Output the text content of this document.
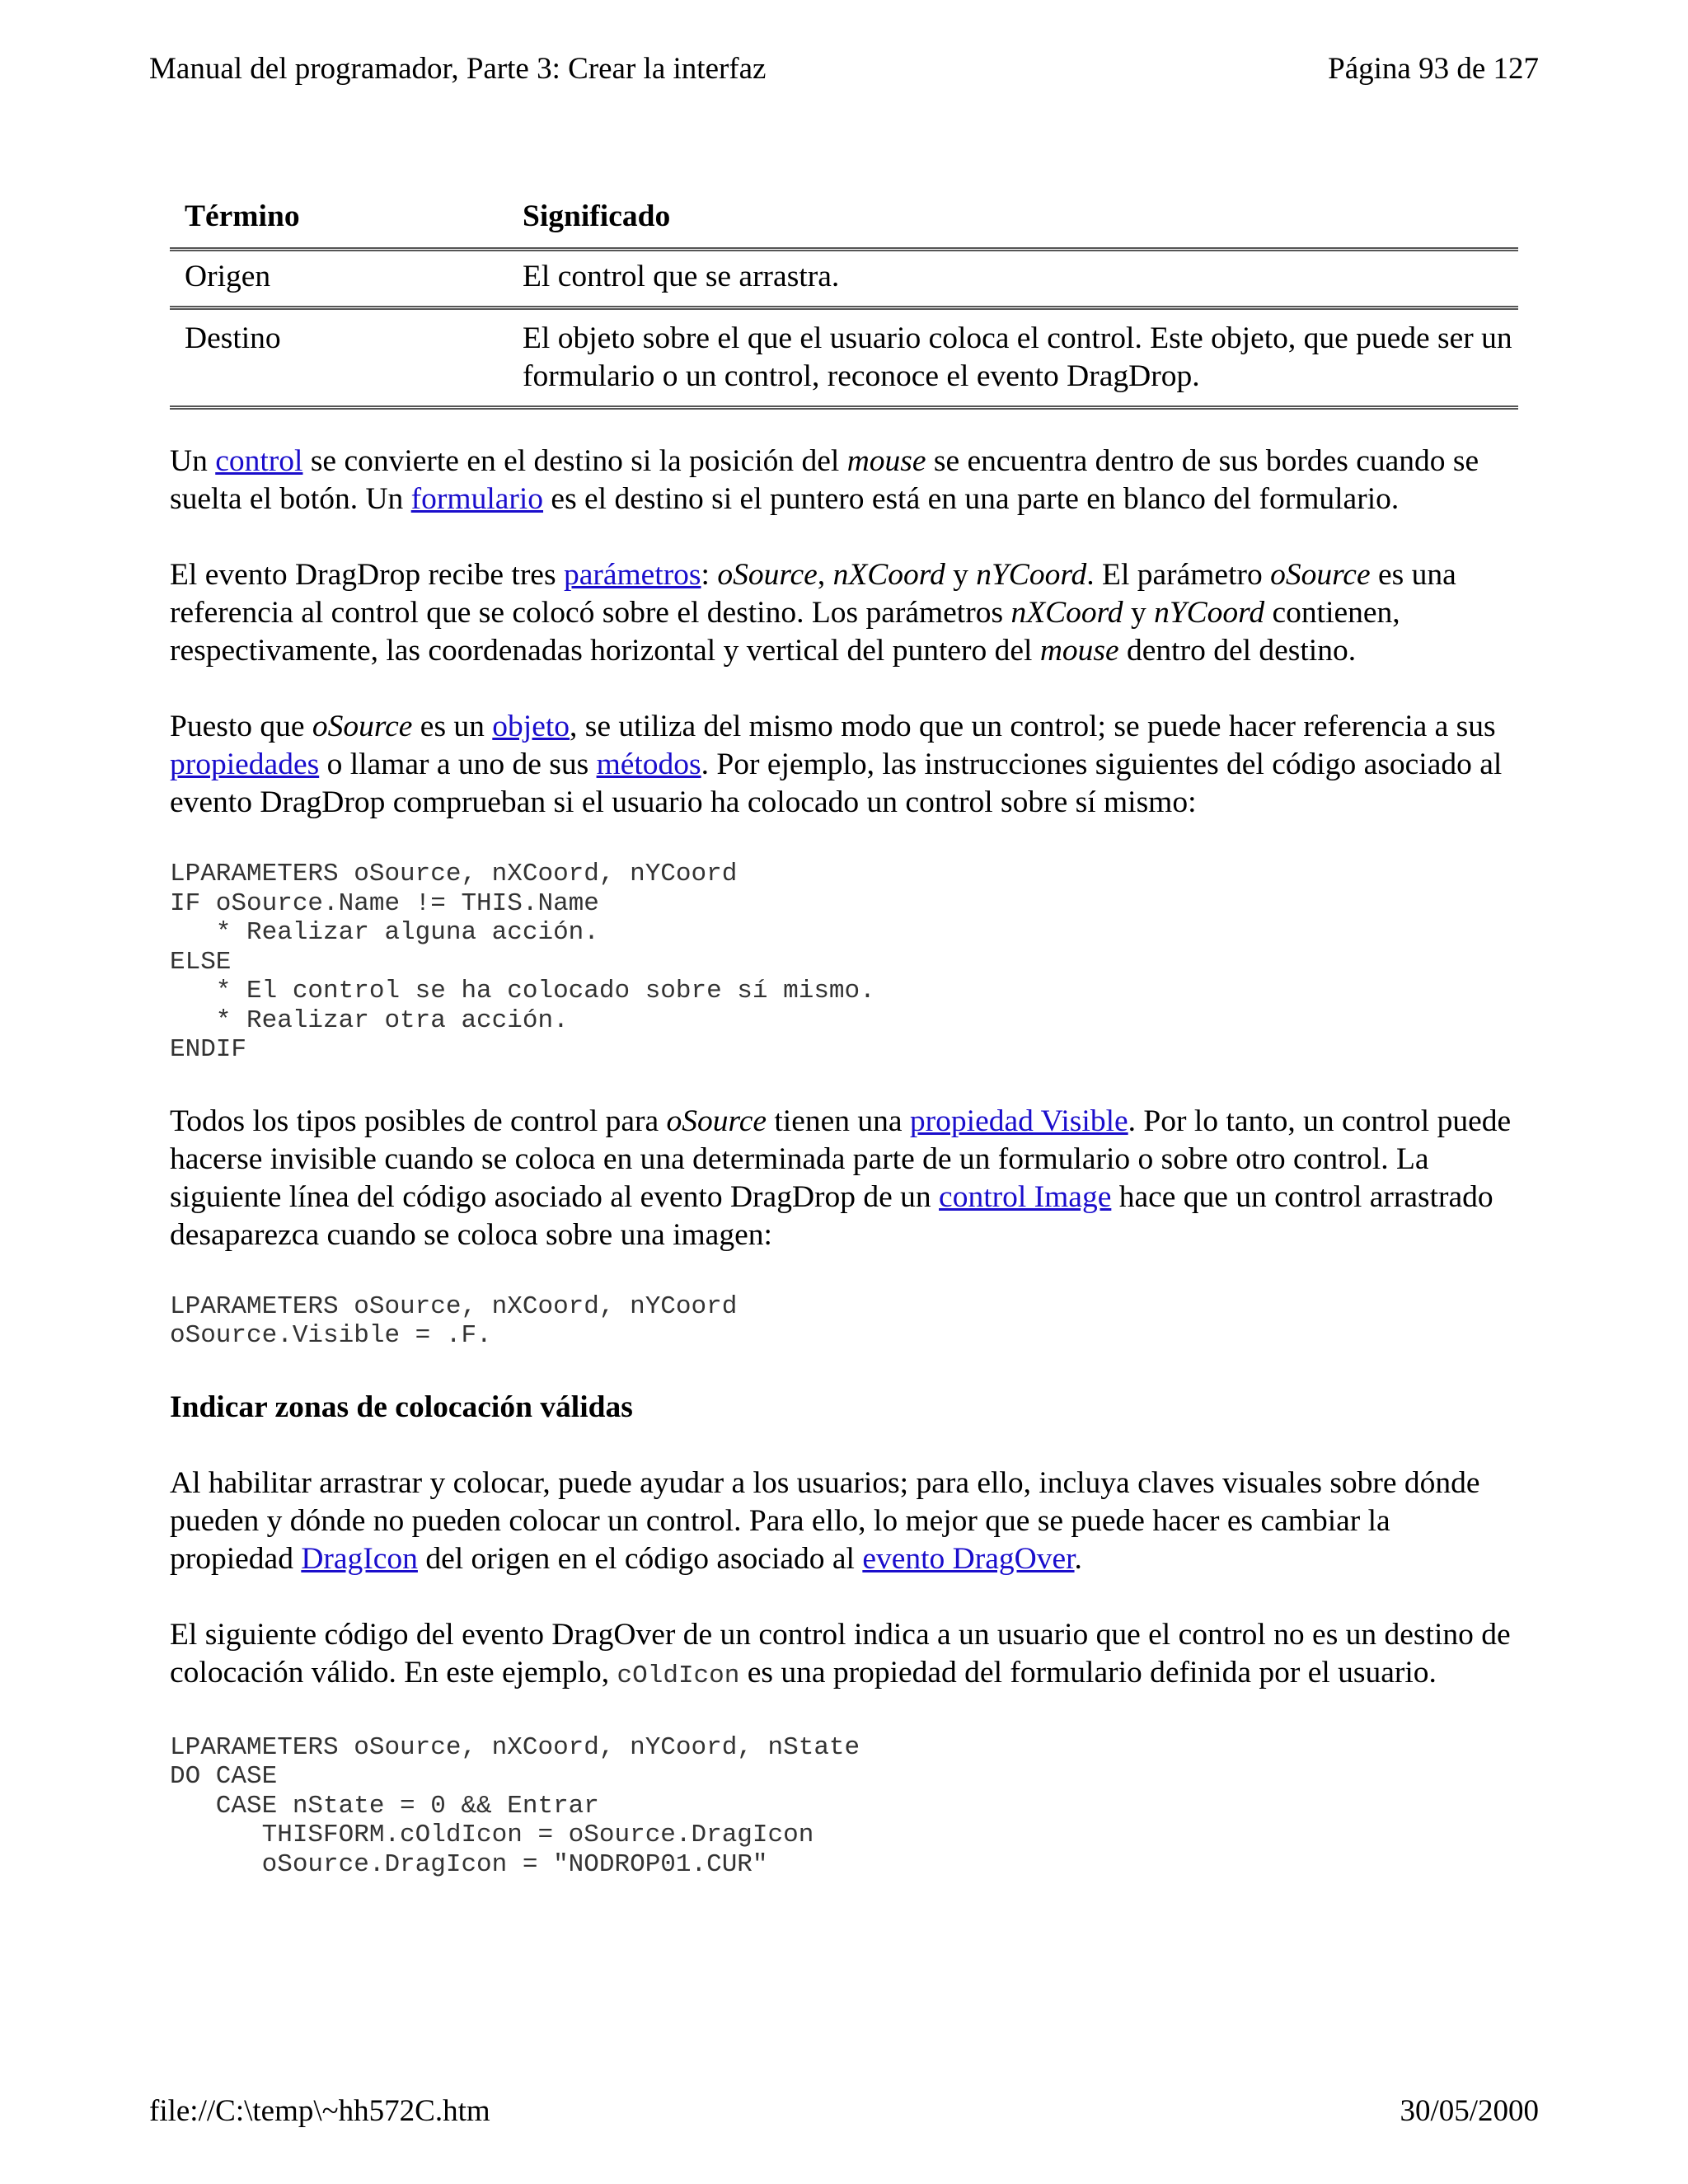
Manual del programador, Parte 3: Crear la interfaz	Página 93 de 127
Término	Significado
Origen	El control que se arrastra.
Destino	El objeto sobre el que el usuario coloca el control. Este objeto, que puede ser un formulario o un control, reconoce el evento DragDrop.

Un control se convierte en el destino si la posición del mouse se encuentra dentro de sus bordes cuando se suelta el botón. Un formulario es el destino si el puntero está en una parte en blanco del formulario.

El evento DragDrop recibe tres parámetros: oSource, nXCoord y nYCoord. El parámetro oSource es una referencia al control que se colocó sobre el destino. Los parámetros nXCoord y nYCoord contienen, respectivamente, las coordenadas horizontal y vertical del puntero del mouse dentro del destino.

Puesto que oSource es un objeto, se utiliza del mismo modo que un control; se puede hacer referencia a sus propiedades o llamar a uno de sus métodos. Por ejemplo, las instrucciones siguientes del código asociado al evento DragDrop comprueban si el usuario ha colocado un control sobre sí mismo:

LPARAMETERS oSource, nXCoord, nYCoord
IF oSource.Name != THIS.Name
* Realizar alguna acción.
ELSE
* El control se ha colocado sobre sí mismo.
* Realizar otra acción.
ENDIF

Todos los tipos posibles de control para oSource tienen una propiedad Visible. Por lo tanto, un control puede hacerse invisible cuando se coloca en una determinada parte de un formulario o sobre otro control. La siguiente línea del código asociado al evento DragDrop de un control Image hace que un control arrastrado desaparezca cuando se coloca sobre una imagen:

LPARAMETERS oSource, nXCoord, nYCoord
oSource.Visible = .F.
Indicar zonas de colocación válidas

Al habilitar arrastrar y colocar, puede ayudar a los usuarios; para ello, incluya claves visuales sobre dónde pueden y dónde no pueden colocar un control. Para ello, lo mejor que se puede hacer es cambiar la propiedad DragIcon del origen en el código asociado al evento DragOver.

El siguiente código del evento DragOver de un control indica a un usuario que el control no es un destino de colocación válido. En este ejemplo, cOldIcon es una propiedad del formulario definida por el usuario.

LPARAMETERS oSource, nXCoord, nYCoord, nState
DO CASE
CASE nState = 0 && Entrar
THISFORM.cOldIcon = oSource.DragIcon
oSource.DragIcon = "NODROP01.CUR"
file://C:\temp\~hh572C.htm	30/05/2000
